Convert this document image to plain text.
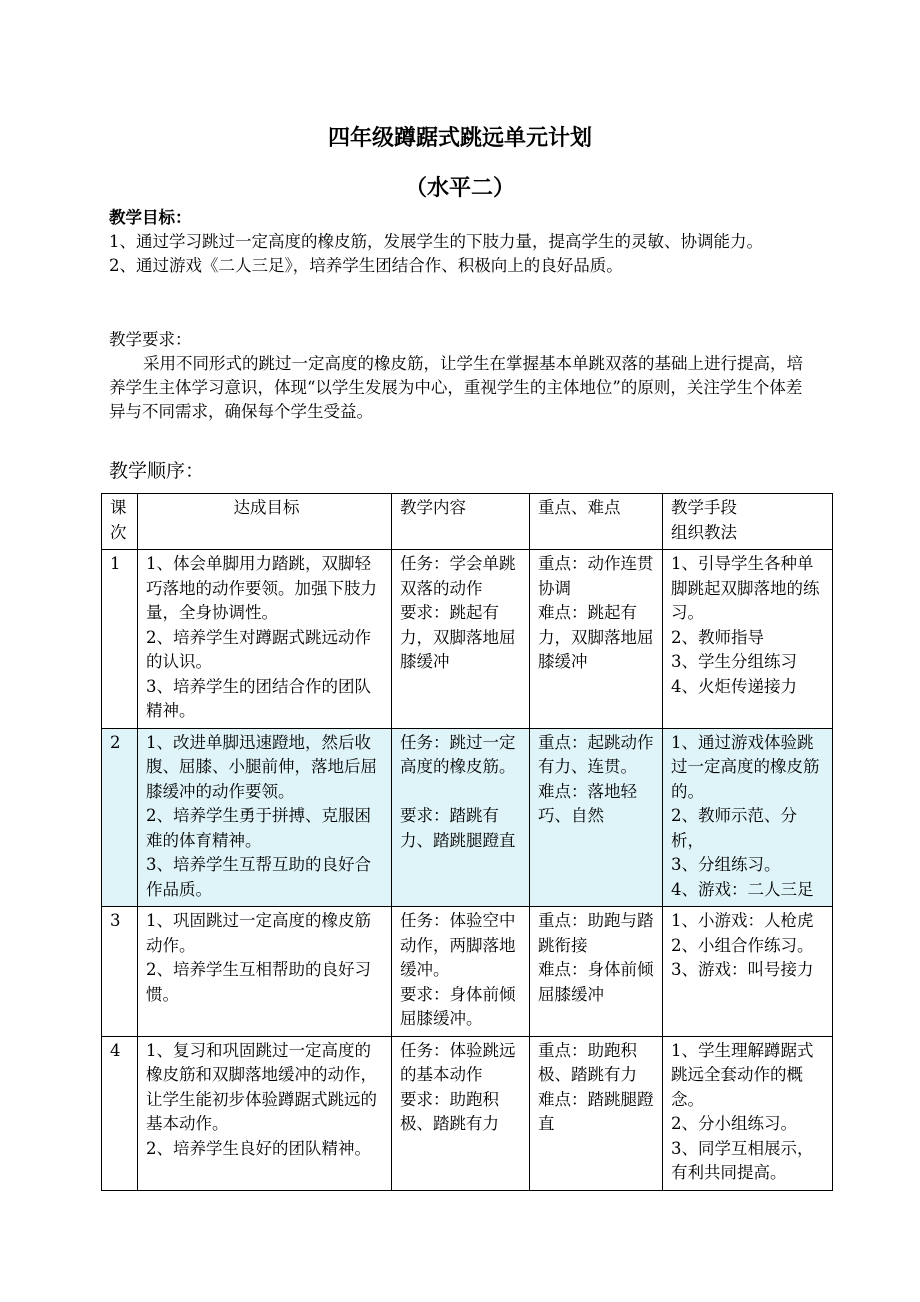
四年级蹲踞式跳远单元计划
（水平二）
教学目标：
1、通过学习跳过一定高度的橡皮筋，发展学生的下肢力量，提高学生的灵敏、协调能力。
2、通过游戏《二人三足》，培养学生团结合作、积极向上的良好品质。
教学要求：
采用不同形式的跳过一定高度的橡皮筋，让学生在掌握基本单跳双落的基础上进行提高，培养学生主体学习意识，体现“以学生发展为中心，重视学生的主体地位”的原则，关注学生个体差异与不同需求，确保每个学生受益。
教学顺序：
课
次	达成目标	教学内容	重点、难点	教学手段
组织教法

1	1、体会单脚用力踏跳，双脚轻巧落地的动作要领。加强下肢力量，全身协调性。
2、培养学生对蹲踞式跳远动作的认识。
3、培养学生的团结合作的团队精神。	任务：学会单跳双落的动作
要求：跳起有力，双脚落地屈膝缓冲	重点：动作连贯协调
难点：跳起有力，双脚落地屈膝缓冲	1、引导学生各种单脚跳起双脚落地的练习。
2、教师指导
3、学生分组练习
4、火炬传递接力

2	1、改进单脚迅速蹬地，然后收腹、屈膝、小腿前伸，落地后屈膝缓冲的动作要领。
2、培养学生勇于拼搏、克服困难的体育精神。
3、培养学生互帮互助的良好合作品质。	任务：跳过一定高度的橡皮筋。
要求：踏跳有力、踏跳腿蹬直	重点：起跳动作有力、连贯。
难点：落地轻巧、自然	1、通过游戏体验跳过一定高度的橡皮筋的。
2、教师示范、分析，
3、分组练习。
4、游戏：二人三足

3	1、巩固跳过一定高度的橡皮筋动作。
2、培养学生互相帮助的良好习惯。	任务：体验空中动作，两脚落地缓冲。
要求：身体前倾屈膝缓冲。	重点：助跑与踏跳衔接
难点：身体前倾屈膝缓冲	1、小游戏：人枪虎
2、小组合作练习。
3、游戏：叫号接力

4	1、复习和巩固跳过一定高度的橡皮筋和双脚落地缓冲的动作，让学生能初步体验蹲踞式跳远的基本动作。
2、培养学生良好的团队精神。	任务：体验跳远的基本动作
要求：助跑积极、踏跳有力	重点：助跑积极、踏跳有力
难点：踏跳腿蹬直	1、学生理解蹲踞式跳远全套动作的概念。
2、分小组练习。
3、同学互相展示，有利共同提高。
